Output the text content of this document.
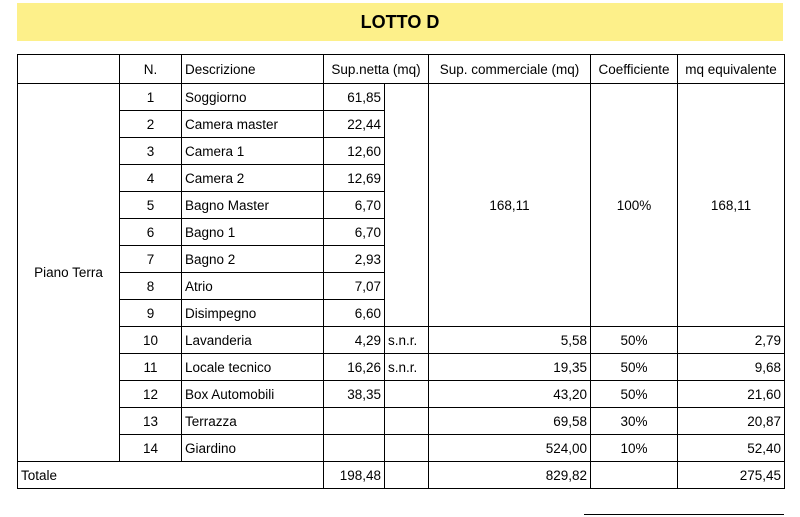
LOTTO D
	N.	Descrizione	Sup.netta (mq)		Sup. commerciale (mq)	Coefficiente	mq equivalente
Piano Terra	1	Soggiorno	61,85		168,11	100%	168,11
	2	Camera master	22,44				
	3	Camera 1	12,60				
	4	Camera 2	12,69				
	5	Bagno Master	6,70				
	6	Bagno 1	6,70				
	7	Bagno 2	2,93				
	8	Atrio	7,07				
	9	Disimpegno	6,60				
	10	Lavanderia	4,29	s.n.r.	5,58	50%	2,79
	11	Locale tecnico	16,26	s.n.r.	19,35	50%	9,68
	12	Box Automobili	38,35		43,20	50%	21,60
	13	Terrazza			69,58	30%	20,87
	14	Giardino			524,00	10%	52,40
Totale			198,48		829,82		275,45
